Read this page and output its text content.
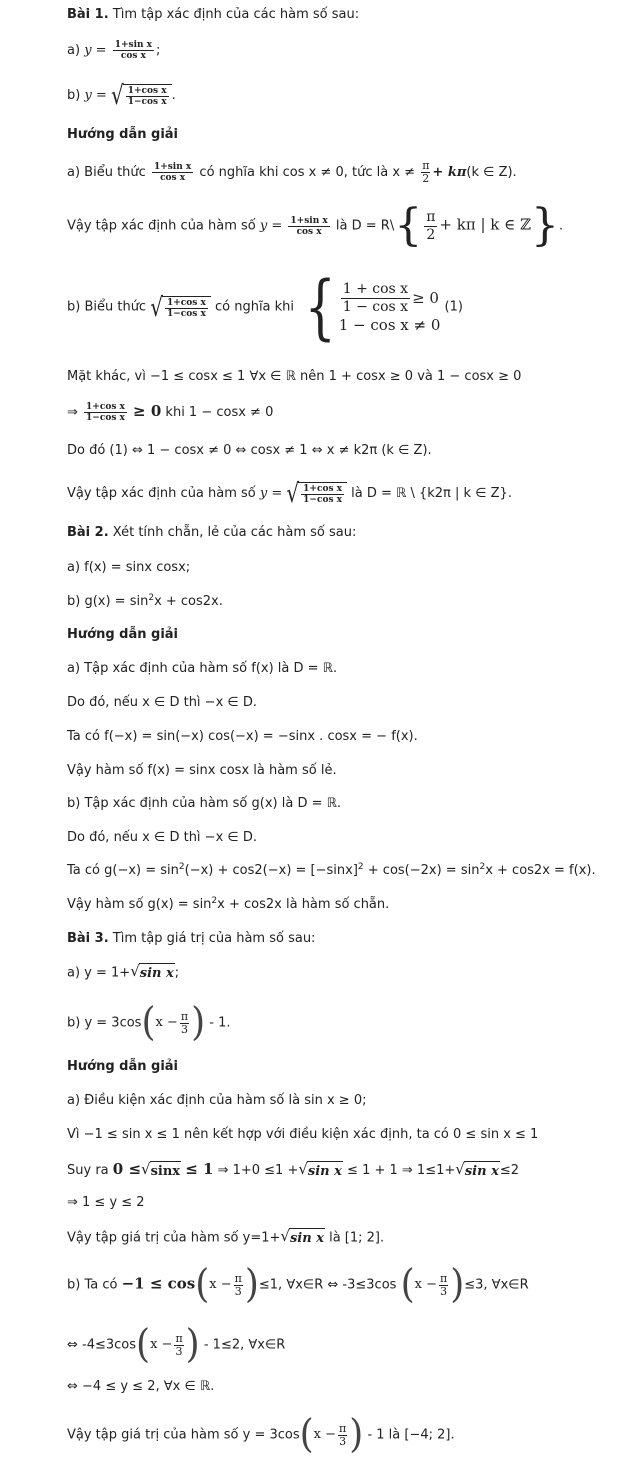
Bài 1. Tìm tập xác định của các hàm số sau:
a) $y = \frac{\text{1+sin x}}{\text{cos x}}$ ;
b) y = √ $\frac{\text{1+cos x}}{\text{1−cos x}}$ .
Hướng dẫn giải
a) Biểu thức $\frac{\text{1+sin x}}{\text{cos x}}$ có nghĩa khi cos x ≠ 0, tức là $x \ne \frac{\pi}{2} + k\pi(k$ ∈ Z).
Vậy tập xác định của hàm số $y = \frac{\text{1+sin x}}{\text{cos x}}$ là D = R\{ $\frac{\pi}{2} + k\pi$ | k ∈ ℤ}.
b) Biểu thức √ $\frac{\text{1+cos x}}{\text{1−cos x}}$ có nghĩa khi { $\frac{\text{1 + cos x}}{\text{1 − cos x}} \ge 0$
1 − cos x ≠ 0
(1)
Mặt khác, vì −1 ≤ cosx ≤ 1 ∀x ∈ ℝ nên 1 + cosx ≥ 0 và 1 − cosx ≥ 0
⇒ $\frac{\text{1+cos x}}{\text{1−cos x}} \ge 0$ khi 1 − cosx ≠ 0
Do đó (1) ⇔ 1 − cosx ≠ 0 ⇔ cosx ≠ 1 ⇔ x ≠ k2π (k ∈ Z).
Vậy tập xác định của hàm số y = √ $\frac{\text{1+cos x}}{\text{1−cos x}}$ là D = ℝ \ {k2π | k ∈ Z}.
Bài 2. Xét tính chẵn, lẻ của các hàm số sau:
a) f(x) = sinx cosx;
b) $g(x) = \sin^2x + \cos 2x$.
Hướng dẫn giải
a) Tập xác định của hàm số f(x) là D = ℝ.
Do đó, nếu x ∈ D thì −x ∈ D.
Ta có f(−x) = sin(−x) cos(−x) = −sinx . cosx = − f(x).
Vậy hàm số f(x) = sinx cosx là hàm số lẻ.
b) Tập xác định của hàm số g(x) là D = ℝ.
Do đó, nếu x ∈ D thì −x ∈ D.
Ta có $g(-x) = \sin^2(-x) + \cos 2(-x) = [-\sin x]^2 + \cos(-2x) = \sin^2x + \cos 2x = f(x)$.
Vậy hàm số $g(x) = \sin^2x + \cos 2x$ là hàm số chẵn.
Bài 3. Tìm tập giá trị của hàm số sau:
a) y = 1+ √ sin x ;
b) y = 3cos ( $x - \frac{\pi}{3}$ ) - 1.
Hướng dẫn giải
a) Điều kiện xác định của hàm số là sin x ≥ 0;
Vì −1 ≤ sin x ≤ 1 nên kết hợp với điều kiện xác định, ta có 0 ≤ sin x ≤ 1
Suy ra 0 ≤ √ sinx ≤ 1 ⇒ 1+0 ≤1 + √ sin x ≤ 1 + 1 ⇒ 1≤1+ √ sin x ≤2
⇒ 1 ≤ y ≤ 2
Vậy tập giá trị của hàm số y=1+ √ sin x là [1; 2].
b) Ta có −1 ≤ cos ( $x - \frac{\pi}{3}$ ) ≤1, ∀x∈R ⇔ -3≤3cos ( $x - \frac{\pi}{3}$ ) ≤3, ∀x∈R
⇔ -4≤3cos ( $x - \frac{\pi}{3}$ ) - 1≤2, ∀x∈R
⇔ −4 ≤ y ≤ 2, ∀x ∈ ℝ.
Vậy tập giá trị của hàm số y = 3cos ( $x - \frac{\pi}{3}$ ) - 1 là [−4; 2].
